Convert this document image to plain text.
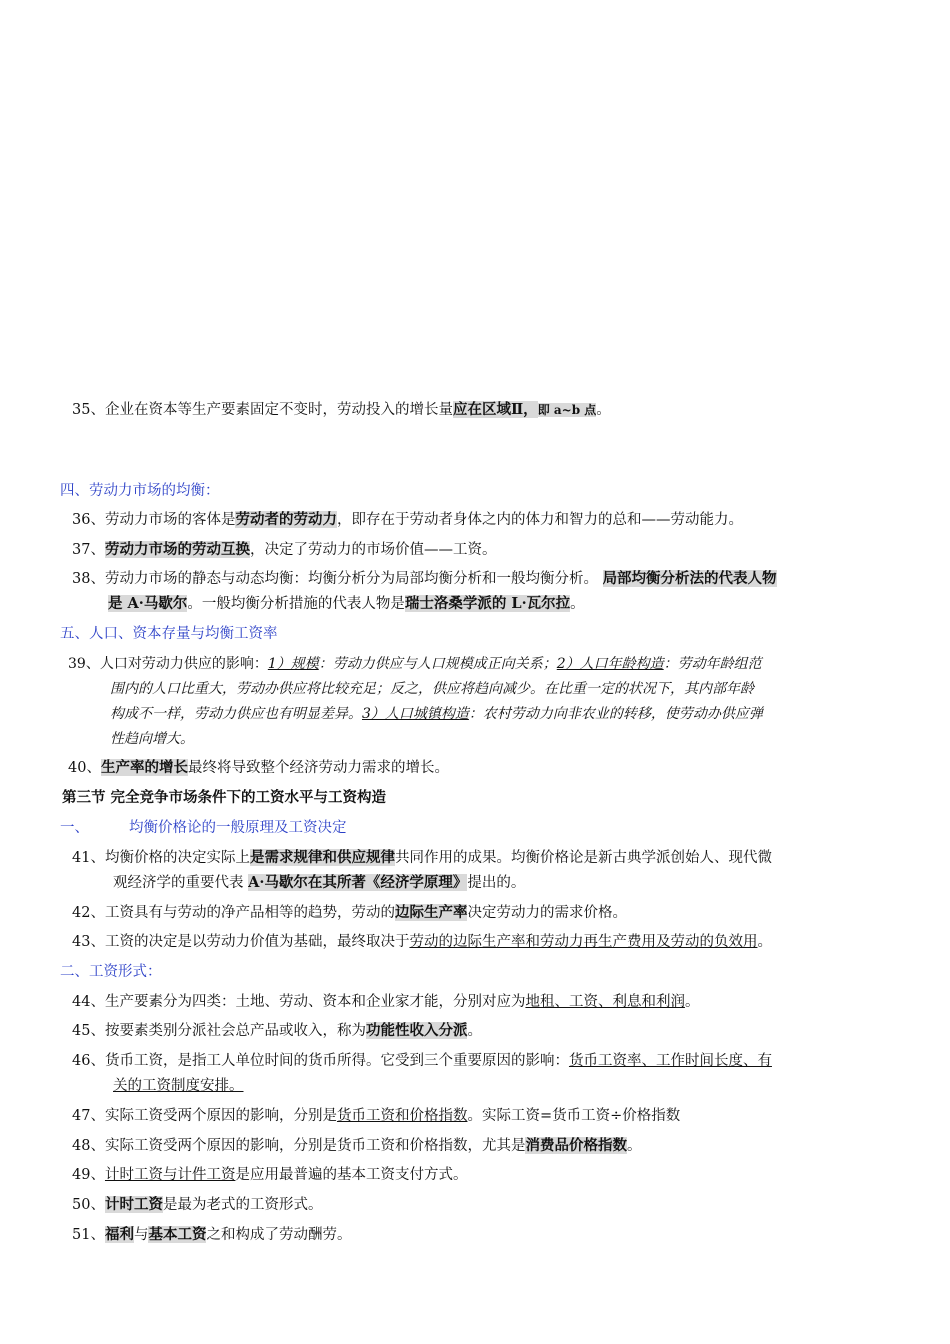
35、企业在资本等生产要素固定不变时，劳动投入的增长量应在区域Ⅱ，即 a~b 点。
四、劳动力市场的均衡：
36、劳动力市场的客体是劳动者的劳动力，即存在于劳动者身体之内的体力和智力的总和——劳动能力。
37、劳动力市场的劳动互换，决定了劳动力的市场价值——工资。
38、劳动力市场的静态与动态均衡：均衡分析分为局部均衡分析和一般均衡分析。 局部均衡分析法的代表人物
是 A·马歇尔。一般均衡分析措施的代表人物是瑞士洛桑学派的 L·瓦尔拉。
五、人口、资本存量与均衡工资率
39、人口对劳动力供应的影响：1）规模：劳动力供应与人口规模成正向关系；2）人口年龄构造：劳动年龄组范
围内的人口比重大，劳动办供应将比较充足；反之，供应将趋向减少。在比重一定的状况下，其内部年龄
构成不一样，劳动力供应也有明显差异。3）人口城镇构造：农村劳动力向非农业的转移，使劳动办供应弹
性趋向增大。
40、生产率的增长最终将导致整个经济劳动力需求的增长。
第三节 完全竞争市场条件下的工资水平与工资构造
一、	均衡价格论的一般原理及工资决定
41、均衡价格的决定实际上是需求规律和供应规律共同作用的成果。均衡价格论是新古典学派创始人、现代微
观经济学的重要代表 A·马歇尔在其所著《经济学原理》提出的。
42、工资具有与劳动的净产品相等的趋势，劳动的边际生产率决定劳动力的需求价格。
43、工资的决定是以劳动力价值为基础，最终取决于劳动的边际生产率和劳动力再生产费用及劳动的负效用。
二、工资形式：
44、生产要素分为四类：土地、劳动、资本和企业家才能，分别对应为地租、工资、利息和利润。
45、按要素类别分派社会总产品或收入，称为功能性收入分派。
46、货币工资，是指工人单位时间的货币所得。它受到三个重要原因的影响：货币工资率、工作时间长度、有
关的工资制度安排。
47、实际工资受两个原因的影响，分别是货币工资和价格指数。实际工资=货币工资÷价格指数
48、实际工资受两个原因的影响，分别是货币工资和价格指数，尤其是消费品价格指数。
49、计时工资与计件工资是应用最普遍的基本工资支付方式。
50、计时工资是最为老式的工资形式。
51、福利与基本工资之和构成了劳动酬劳。
